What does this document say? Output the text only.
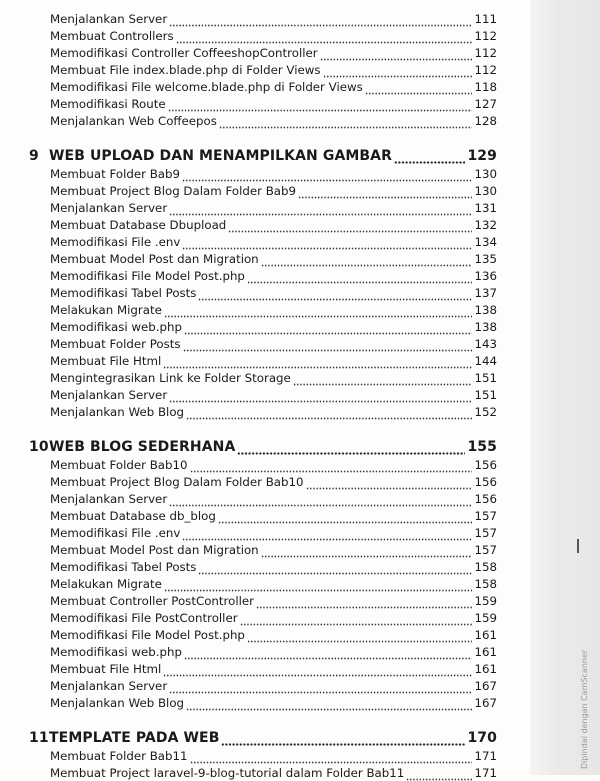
Dipindai dengan CamScanner
Menjalankan Server	111
Membuat Controllers	112
Memodifikasi Controller CoffeeshopController	112
Membuat File index.blade.php di Folder Views	112
Memodifikasi File welcome.blade.php di Folder Views	118
Memodifikasi Route	127
Menjalankan Web Coffeepos	128
9 WEB UPLOAD DAN MENAMPILKAN GAMBAR	129
Membuat Folder Bab9	130
Membuat Project Blog Dalam Folder Bab9	130
Menjalankan Server	131
Membuat Database Dbupload	132
Memodifikasi File .env	134
Membuat Model Post dan Migration	135
Memodifikasi File Model Post.php	136
Memodifikasi Tabel Posts	137
Melakukan Migrate	138
Memodifikasi web.php	138
Membuat Folder Posts	143
Membuat File Html	144
Mengintegrasikan Link ke Folder Storage	151
Menjalankan Server	151
Menjalankan Web Blog	152
10 WEB BLOG SEDERHANA	155
Membuat Folder Bab10	156
Membuat Project Blog Dalam Folder Bab10	156
Menjalankan Server	156
Membuat Database db_blog	157
Memodifikasi File .env	157
Membuat Model Post dan Migration	157
Memodifikasi Tabel Posts	158
Melakukan Migrate	158
Membuat Controller PostController	159
Memodifikasi File PostController	159
Memodifikasi File Model Post.php	161
Memodifikasi web.php	161
Membuat File Html	161
Menjalankan Server	167
Menjalankan Web Blog	167
11 TEMPLATE PADA WEB	170
Membuat Folder Bab11	171
Membuat Project laravel-9-blog-tutorial dalam Folder Bab11	171
